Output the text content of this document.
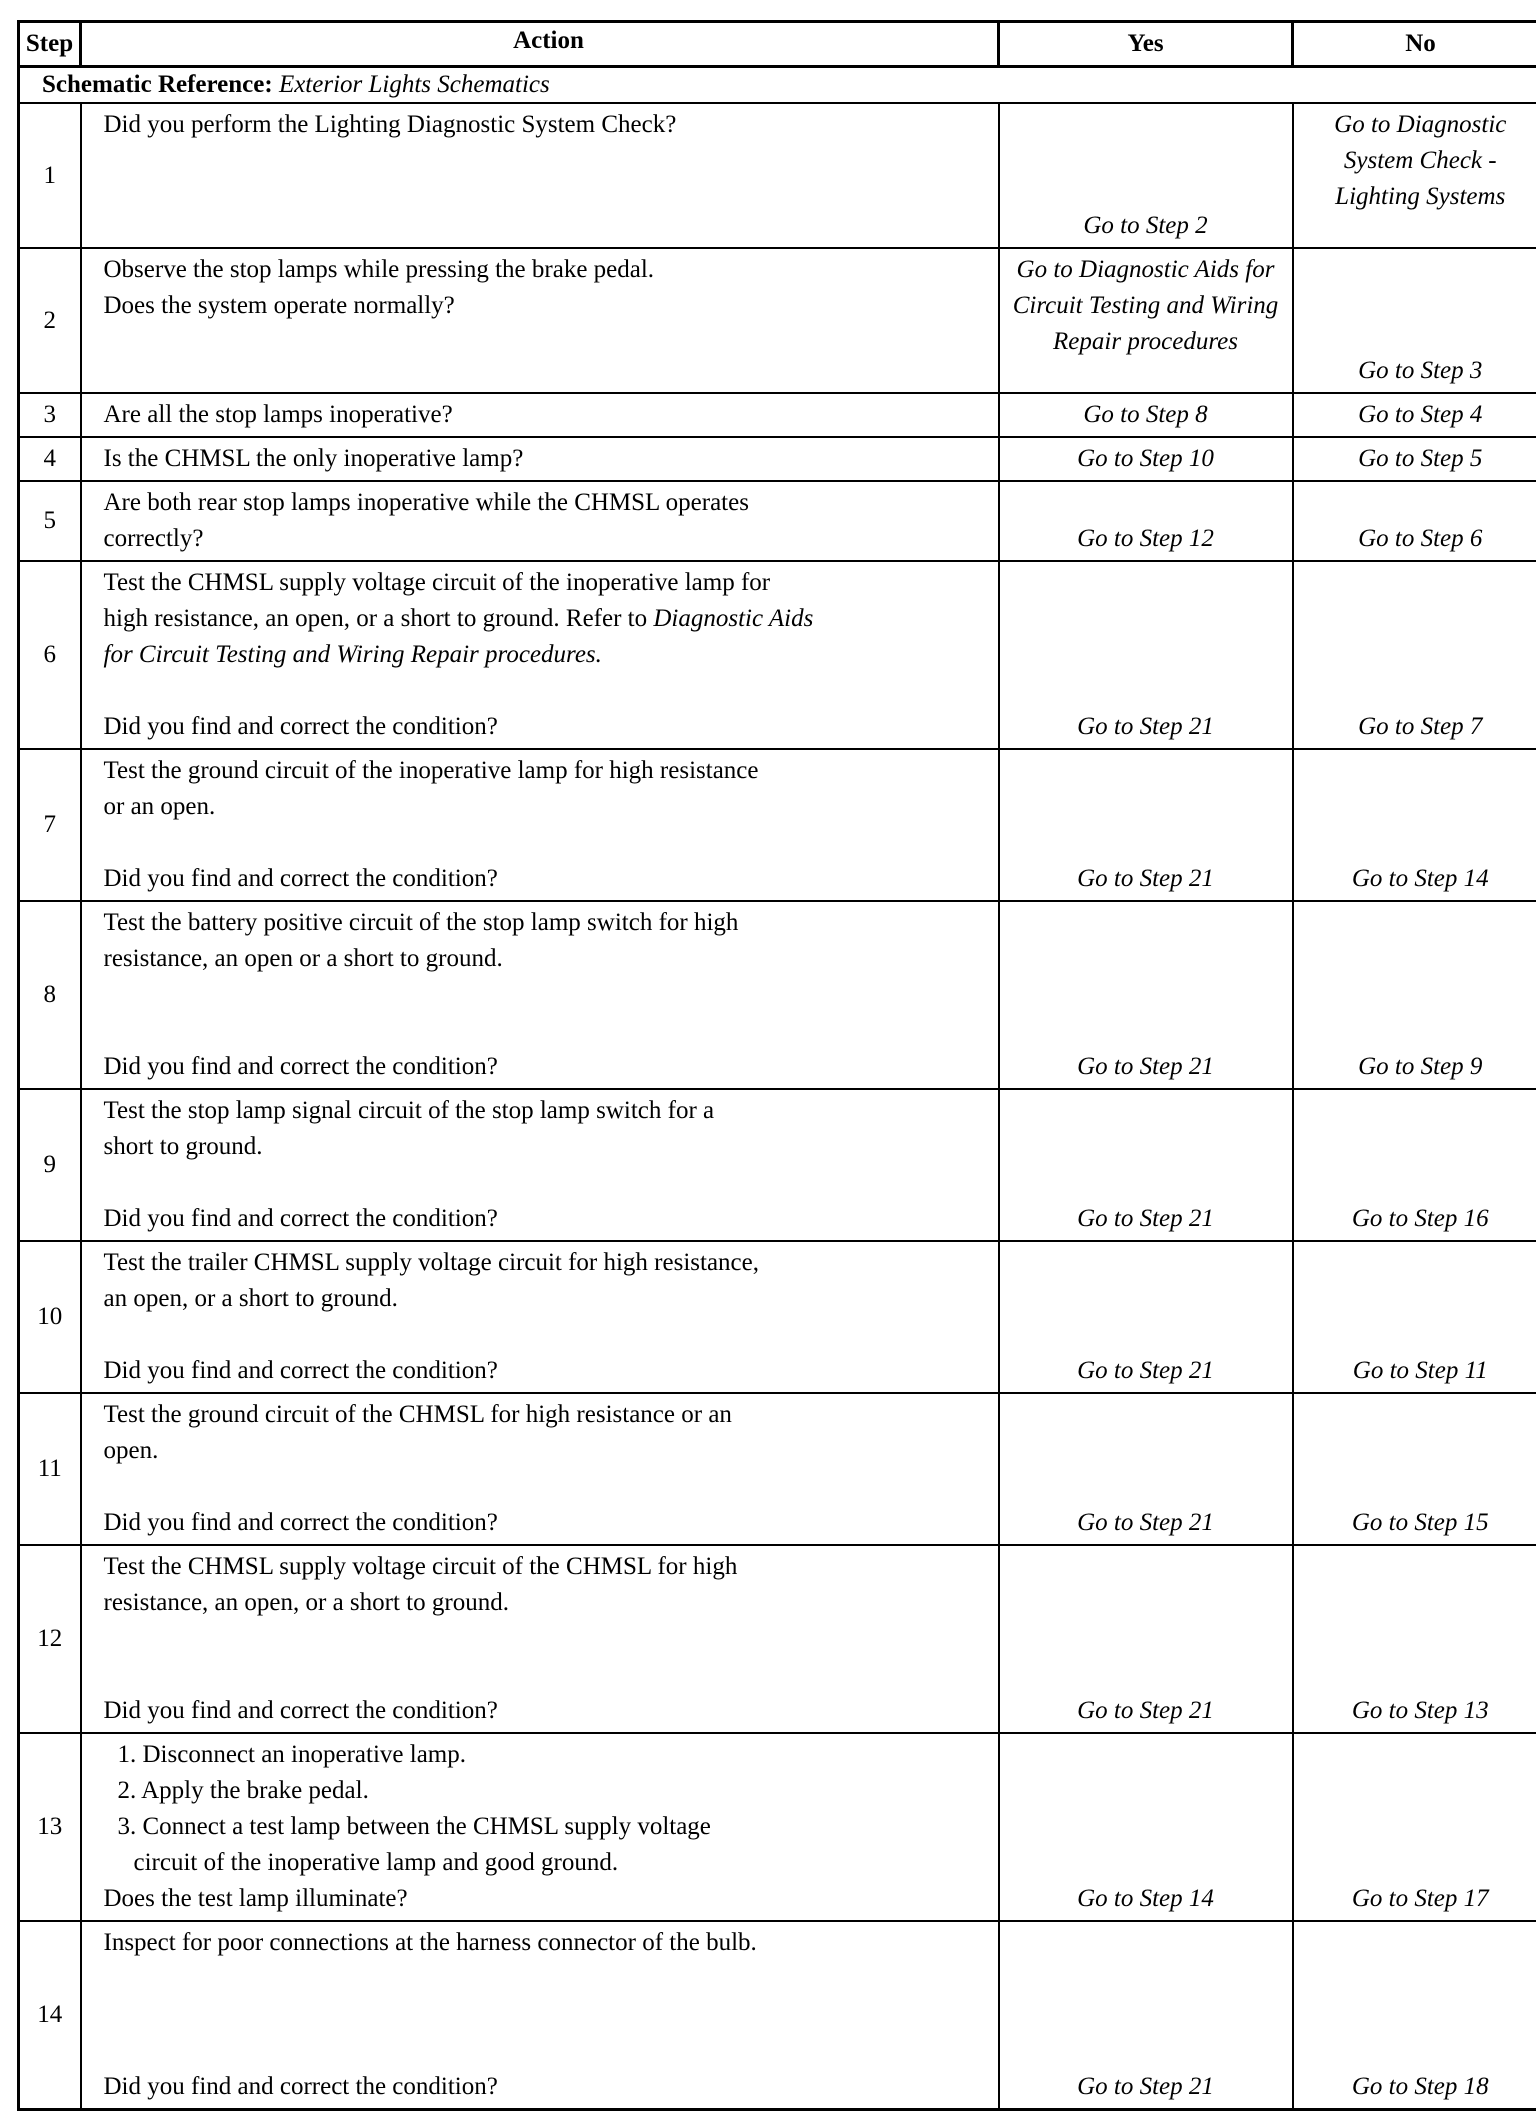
Step	Action	Yes	No
Schematic Reference: Exterior Lights Schematics			
1	Did you perform the Lighting Diagnostic System Check?	Go to Step 2	Go to Diagnostic System Check - Lighting Systems
2	Observe the stop lamps while pressing the brake pedal.
Does the system operate normally?	Go to Diagnostic Aids for Circuit Testing and Wiring Repair procedures	Go to Step 3
3	Are all the stop lamps inoperative?	Go to Step 8	Go to Step 4
4	Is the CHMSL the only inoperative lamp?	Go to Step 10	Go to Step 5
5	Are both rear stop lamps inoperative while the CHMSL operates
correctly?	Go to Step 12	Go to Step 6
6	Test the CHMSL supply voltage circuit of the inoperative lamp for
high resistance, an open, or a short to ground. Refer to Diagnostic Aids
for Circuit Testing and Wiring Repair procedures.
Did you find and correct the condition?	Go to Step 21	Go to Step 7
7	Test the ground circuit of the inoperative lamp for high resistance
or an open.
Did you find and correct the condition?	Go to Step 21	Go to Step 14
8	Test the battery positive circuit of the stop lamp switch for high
resistance, an open or a short to ground.
Did you find and correct the condition?	Go to Step 21	Go to Step 9
9	Test the stop lamp signal circuit of the stop lamp switch for a
short to ground.
Did you find and correct the condition?	Go to Step 21	Go to Step 16
10	Test the trailer CHMSL supply voltage circuit for high resistance,
an open, or a short to ground.
Did you find and correct the condition?	Go to Step 21	Go to Step 11
11	Test the ground circuit of the CHMSL for high resistance or an
open.
Did you find and correct the condition?	Go to Step 21	Go to Step 15
12	Test the CHMSL supply voltage circuit of the CHMSL for high
resistance, an open, or a short to ground.
Did you find and correct the condition?	Go to Step 21	Go to Step 13
13	1. Disconnect an inoperative lamp.
2. Apply the brake pedal.
3. Connect a test lamp between the CHMSL supply voltage
circuit of the inoperative lamp and good ground.
Does the test lamp illuminate?	Go to Step 14	Go to Step 17
14	Inspect for poor connections at the harness connector of the bulb.
Did you find and correct the condition?	Go to Step 21	Go to Step 18
